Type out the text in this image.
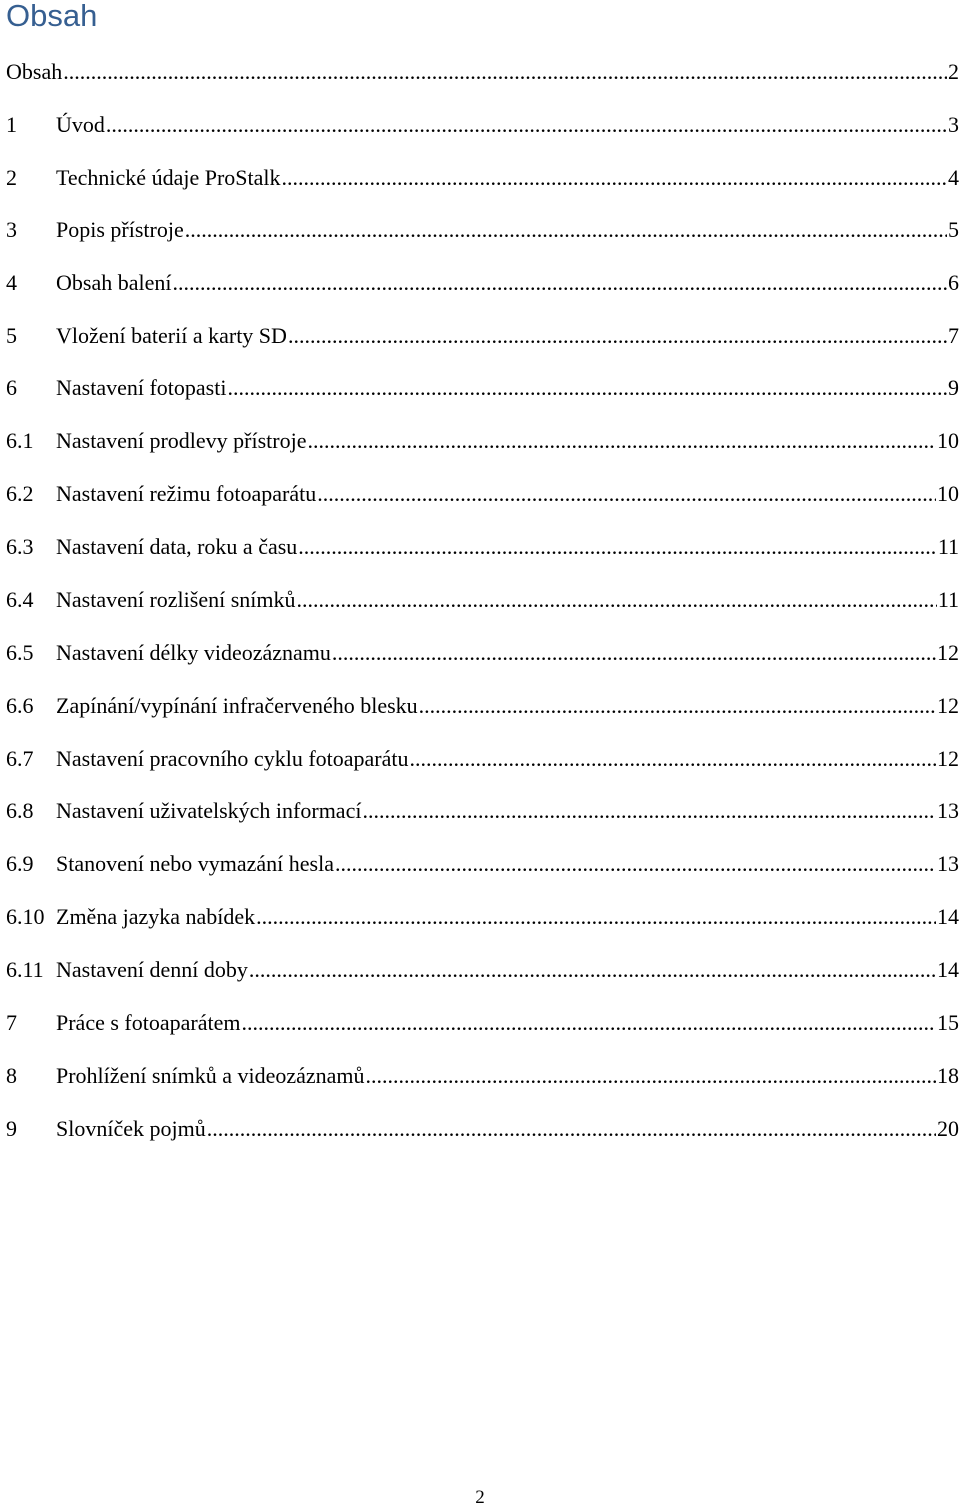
Obsah
Obsah .....	2
1	Úvod .....	3
2	Technické údaje ProStalk .....	4
3	Popis přístroje .....	5
4	Obsah balení .....	6
5	Vložení baterií a karty SD .....	7
6	Nastavení fotopasti .....	9
6.1	Nastavení prodlevy přístroje .....	10
6.2	Nastavení režimu fotoaparátu .....	10
6.3	Nastavení data, roku a času .....	11
6.4	Nastavení rozlišení snímků .....	11
6.5	Nastavení délky videozáznamu .....	12
6.6	Zapínání/vypínání infračerveného blesku .....	12
6.7	Nastavení pracovního cyklu fotoaparátu .....	12
6.8	Nastavení uživatelských informací .....	13
6.9	Stanovení nebo vymazání hesla .....	13
6.10 Změna jazyka nabídek .....	14
6.11 Nastavení denní doby .....	14
7	Práce s fotoaparátem .....	15
8	Prohlížení snímků a videozáznamů .....	18
9	Slovníček pojmů .....	20
2
